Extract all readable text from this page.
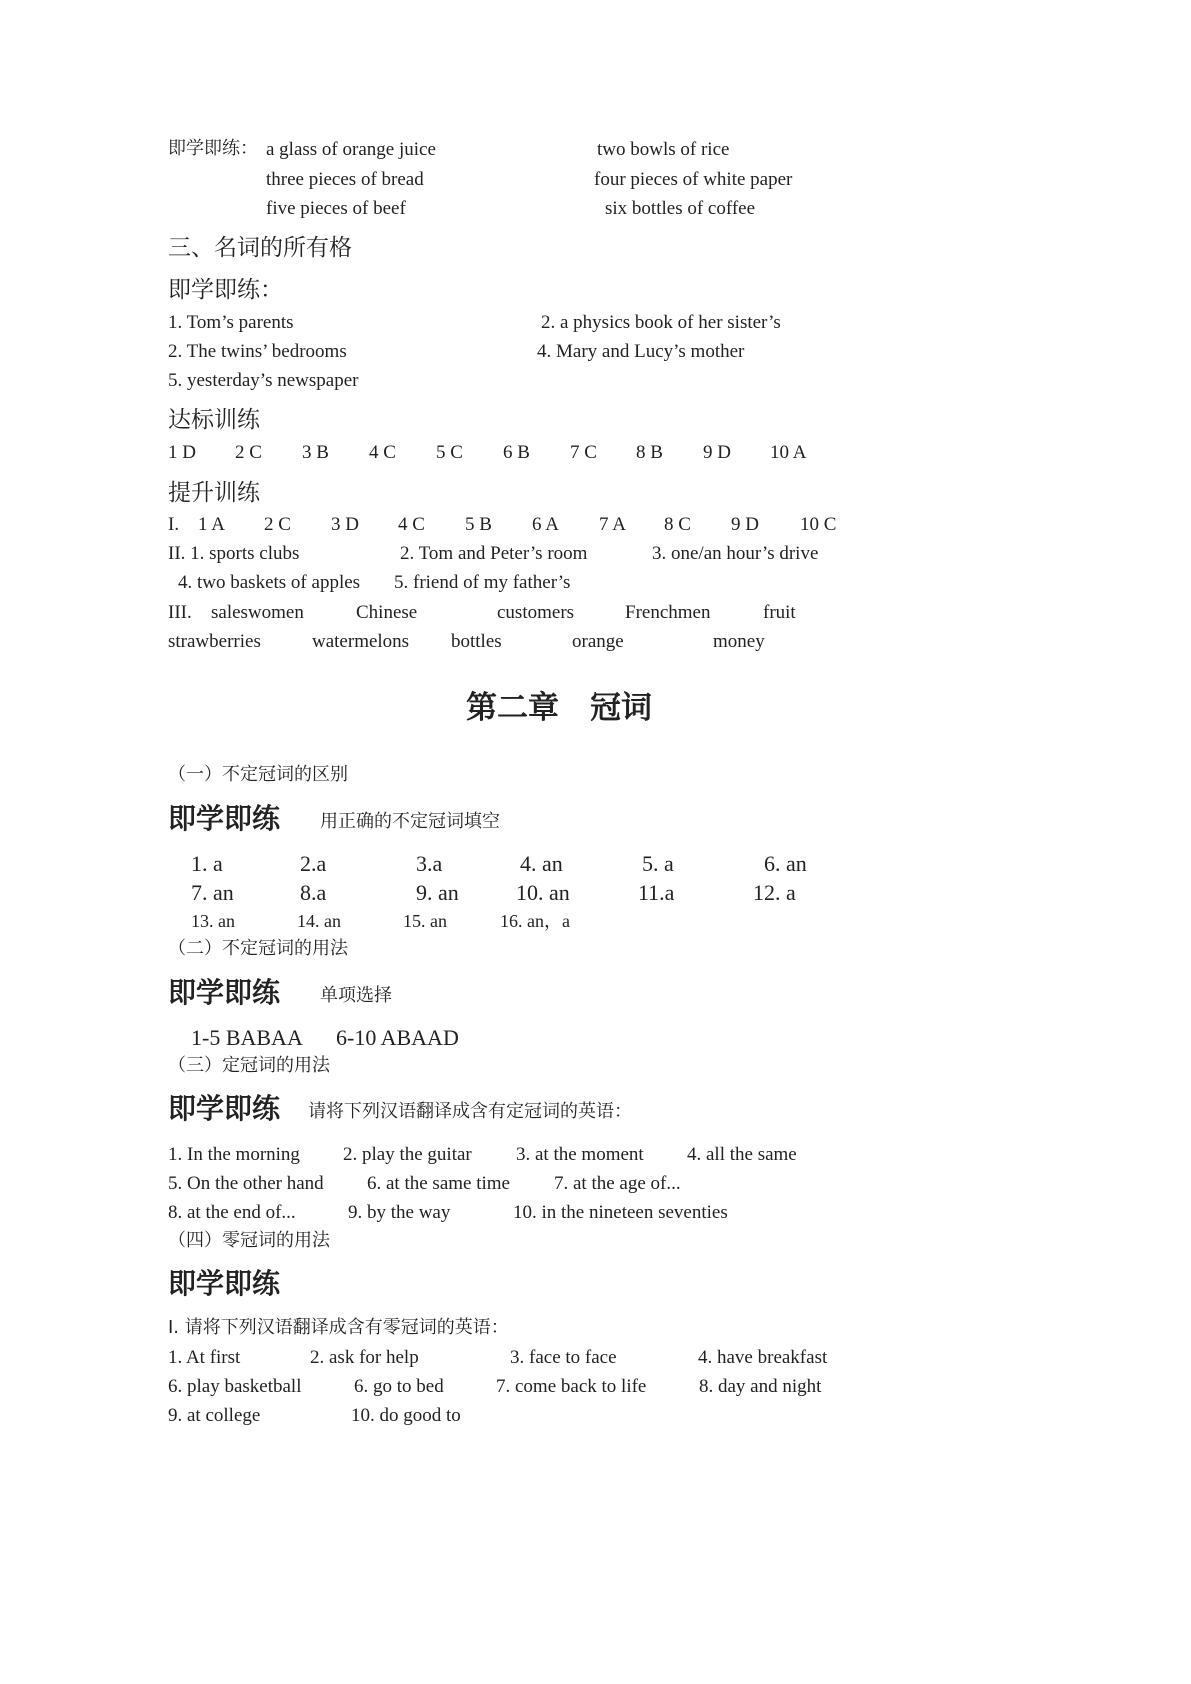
即学即练： a glass of orange juice	two bowls of rice
three pieces of bread	four pieces of white paper
five pieces of beef	six bottles of coffee
三、名词的所有格
即学即练：
1. Tom’s parents	2. a physics book of her sister’s
2. The twins’ bedrooms	4. Mary and Lucy’s mother
5. yesterday’s newspaper
达标训练
1 D 2 C 3 B 4 C 5 C 6 B 7 C 8 B 9 D 10 A
提升训练
I. 1 A 2 C 3 D 4 C 5 B 6 A 7 A 8 C 9 D 10 C
II. 1. sports clubs	2. Tom and Peter’s room	3. one/an hour’s drive
4. two baskets of apples 5. friend of my father’s
III. saleswomen	Chinese	customers	Frenchmen	fruit
strawberries	watermelons bottles	orange	money
第二章　冠词
（一）不定冠词的区别
即学即练 用正确的不定冠词填空
1. a	2.a	3.a	4. an	5. a	6. an
7. an	8.a	9. an	10. an	11.a	12. a
13. an	14. an	15. an	16. an，a
（二）不定冠词的用法
即学即练 单项选择
1-5 BABAA 6-10 ABAAD
（三）定冠词的用法
即学即练 请将下列汉语翻译成含有定冠词的英语：
1. In the morning 2. play the guitar 3. at the moment 4. all the same
5. On the other hand 6. at the same time 7. at the age of...
8. at the end of...	9. by the way	10. in the nineteen seventies
（四）零冠词的用法
即学即练
I. 请将下列汉语翻译成含有零冠词的英语：
1. At first	2. ask for help	3. face to face	4. have breakfast
6. play basketball	6. go to bed	7. come back to life	8. day and night
9. at college	10. do good to
